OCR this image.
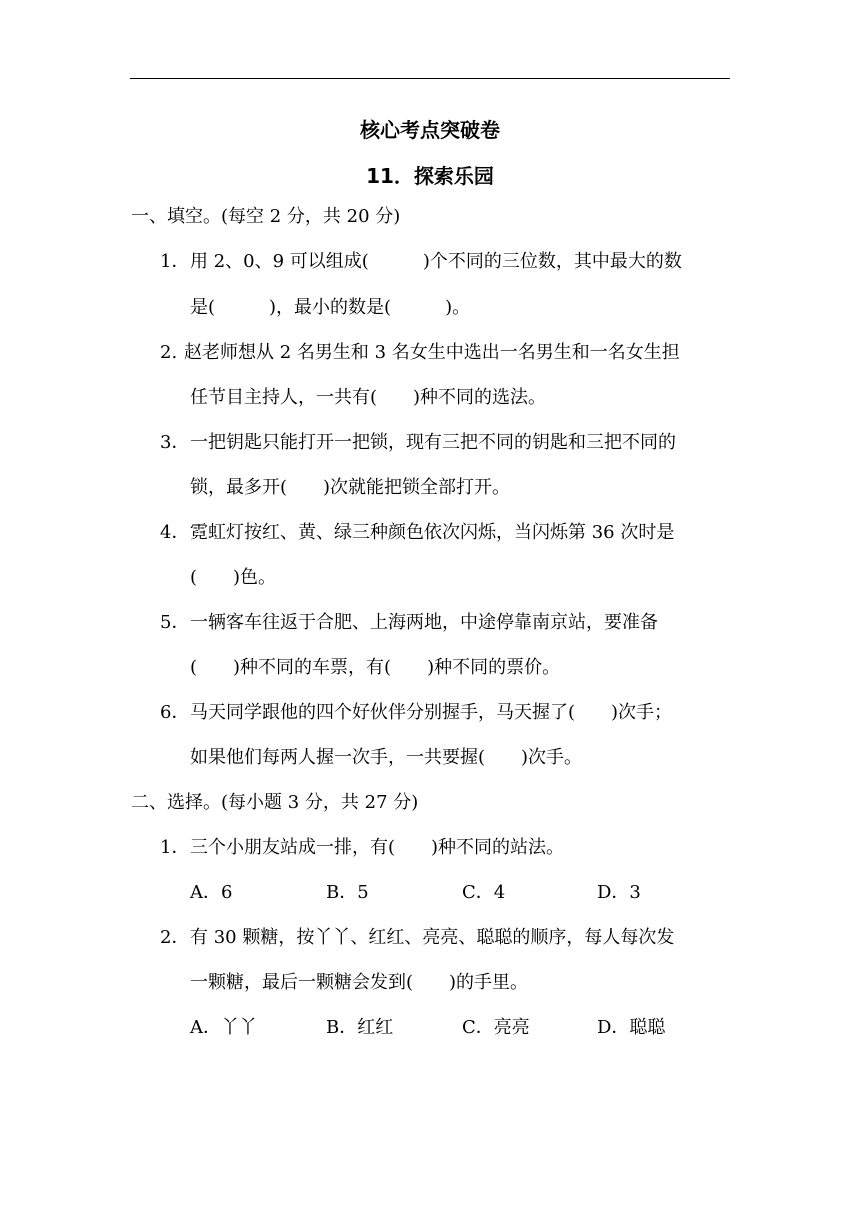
核心考点突破卷
11．探索乐园
一、填空。(每空 2 分，共 20 分)
1．用 2、0、9 可以组成(　　　)个不同的三位数，其中最大的数
是(　　　)，最小的数是(　　　)。
2. 赵老师想从 2 名男生和 3 名女生中选出一名男生和一名女生担
任节目主持人，一共有(　　)种不同的选法。
3．一把钥匙只能打开一把锁，现有三把不同的钥匙和三把不同的
锁，最多开(　　)次就能把锁全部打开。
4．霓虹灯按红、黄、绿三种颜色依次闪烁，当闪烁第 36 次时是
(　　)色。
5．一辆客车往返于合肥、上海两地，中途停靠南京站，要准备
(　　)种不同的车票，有(　　)种不同的票价。
6．马天同学跟他的四个好伙伴分别握手，马天握了(　　)次手；
如果他们每两人握一次手，一共要握(　　)次手。
二、选择。(每小题 3 分，共 27 分)
1．三个小朋友站成一排，有(　　)种不同的站法。
A．6	B．5	C．4	D．3
2．有 30 颗糖，按丫丫、红红、亮亮、聪聪的顺序，每人每次发
一颗糖，最后一颗糖会发到(　　)的手里。
A．丫丫	B．红红	C．亮亮	D．聪聪
